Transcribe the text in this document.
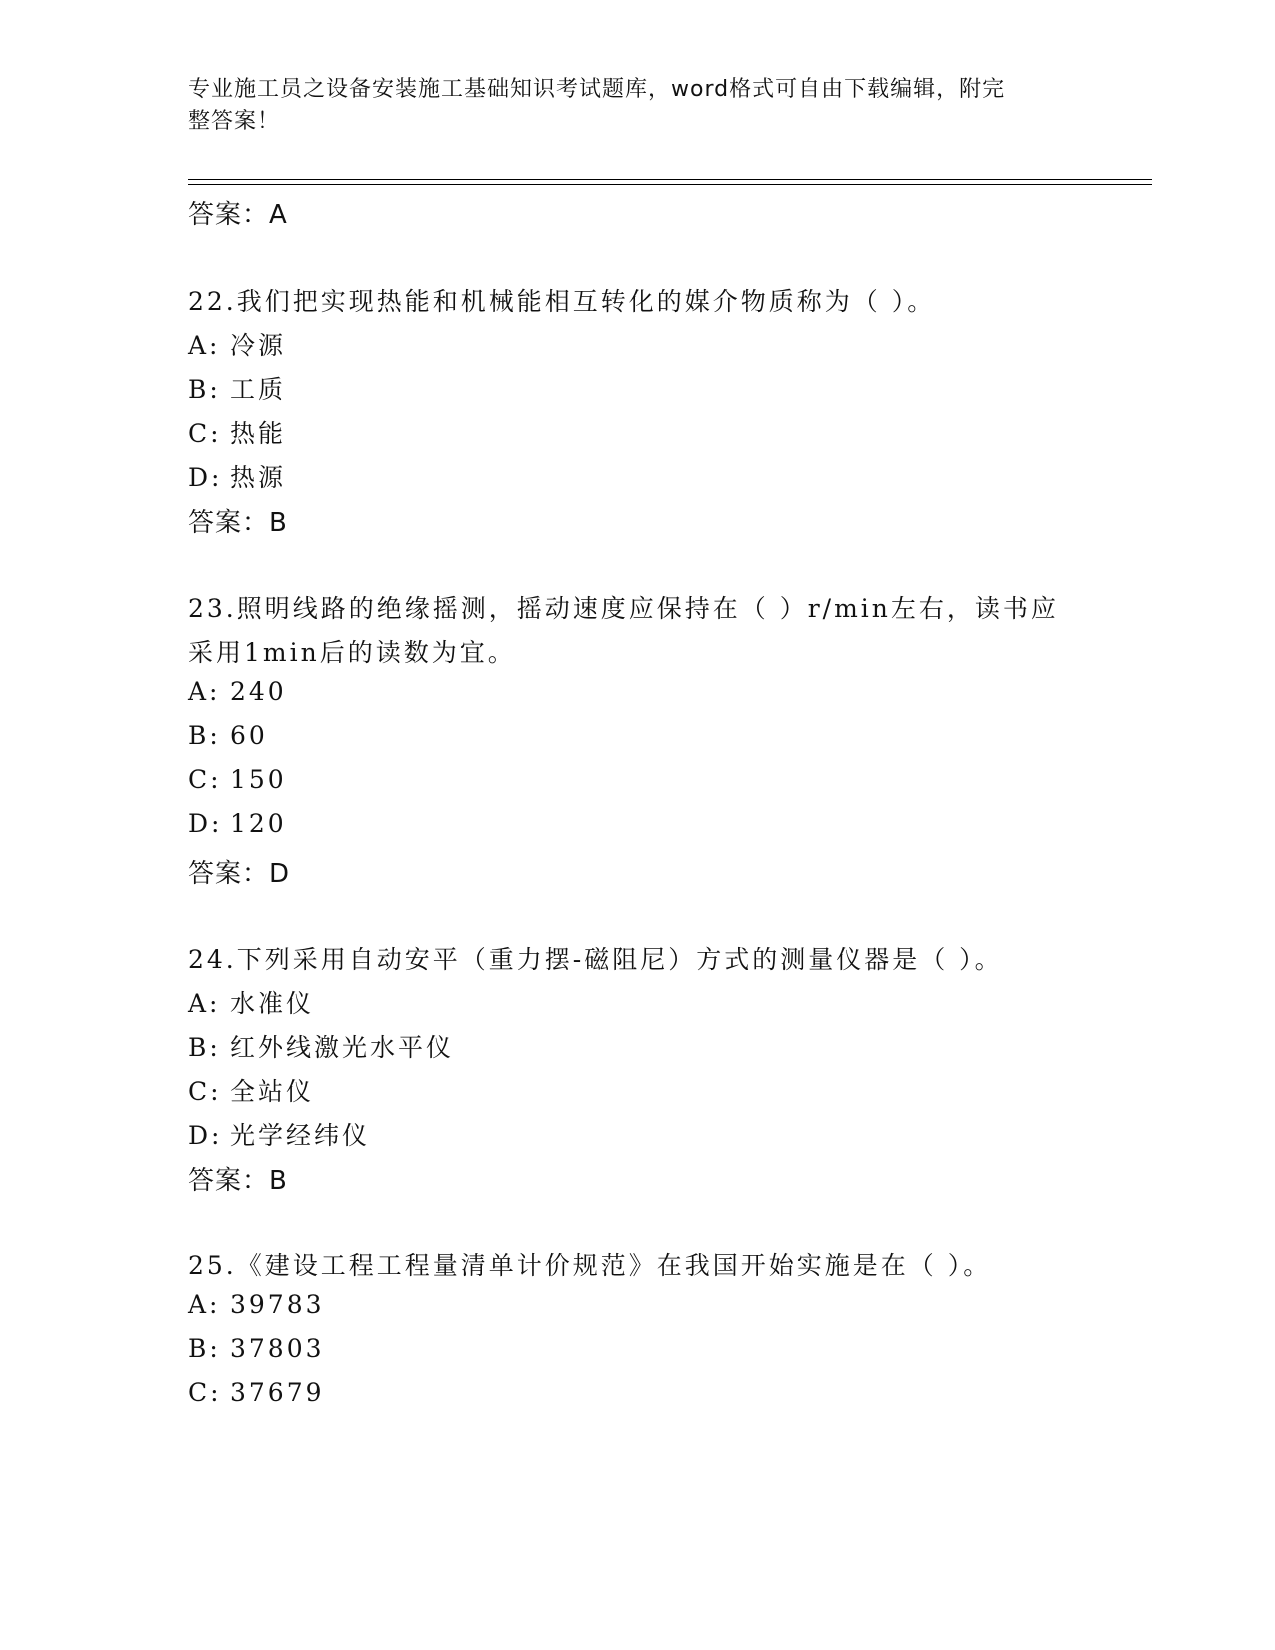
专业施工员之设备安装施工基础知识考试题库，word格式可自由下载编辑，附完
整答案！
答案：A
22.我们把实现热能和机械能相互转化的媒介物质称为（ ）。
A: 冷源
B: 工质
C: 热能
D: 热源
答案：B
23.照明线路的绝缘摇测，摇动速度应保持在（ ）r/min左右，读书应
采用1min后的读数为宜。
A: 240
B: 60
C: 150
D: 120
答案：D
24.下列采用自动安平（重力摆-磁阻尼）方式的测量仪器是（ ）。
A: 水准仪
B: 红外线激光水平仪
C: 全站仪
D: 光学经纬仪
答案：B
25.《建设工程工程量清单计价规范》在我国开始实施是在（ ）。
A: 39783
B: 37803
C: 37679
